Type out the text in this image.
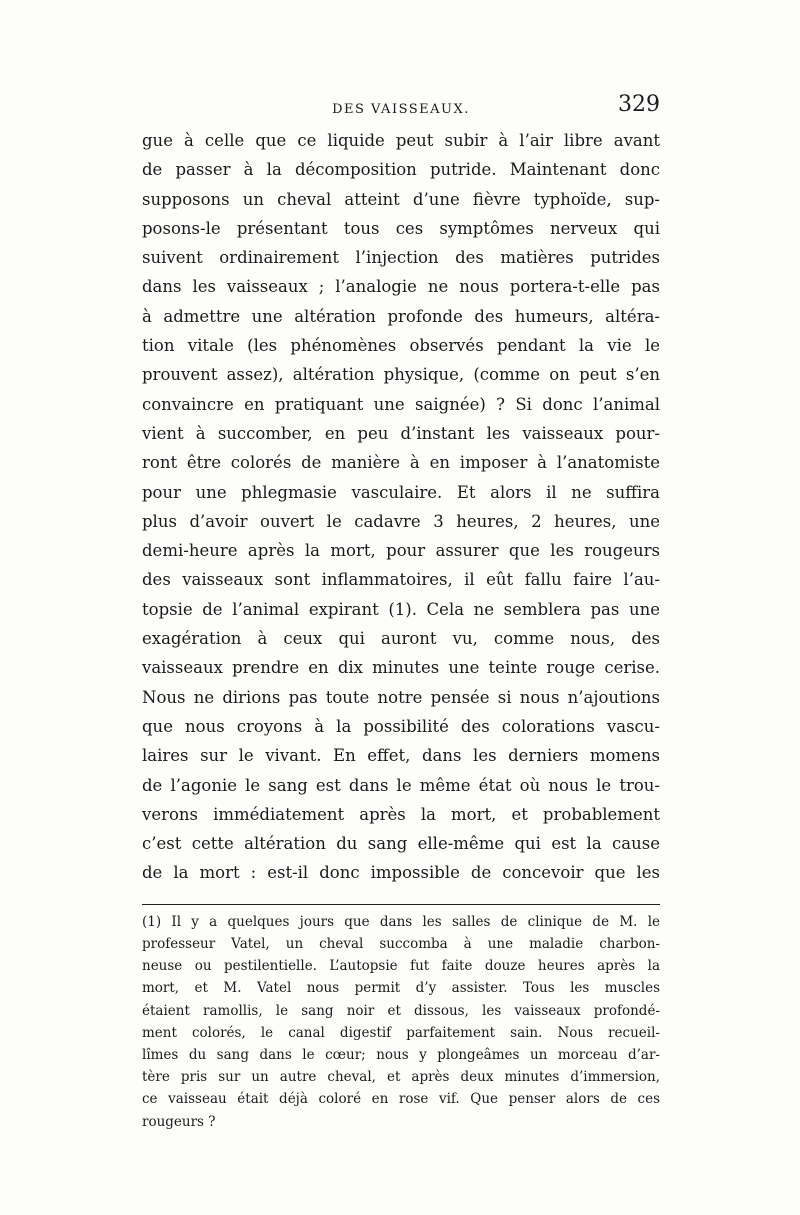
DES VAISSEAUX.	329
gue à celle que ce liquide peut subir à l’air libre avant
de passer à la décomposition putride. Maintenant donc
supposons un cheval atteint d’une fièvre typhoïde, sup-
posons-le présentant tous ces symptômes nerveux qui
suivent ordinairement l’injection des matières putrides
dans les vaisseaux ; l’analogie ne nous portera-t-elle pas
à admettre une altération profonde des humeurs, altéra-
tion vitale (les phénomènes observés pendant la vie le
prouvent assez), altération physique, (comme on peut s’en
convaincre en pratiquant une saignée) ? Si donc l’animal
vient à succomber, en peu d’instant les vaisseaux pour-
ront être colorés de manière à en imposer à l’anatomiste
pour une phlegmasie vasculaire. Et alors il ne suffira
plus d’avoir ouvert le cadavre 3 heures, 2 heures, une
demi-heure après la mort, pour assurer que les rougeurs
des vaisseaux sont inflammatoires, il eût fallu faire l’au-
topsie de l’animal expirant (1). Cela ne semblera pas une
exagération à ceux qui auront vu, comme nous, des
vaisseaux prendre en dix minutes une teinte rouge cerise.
Nous ne dirions pas toute notre pensée si nous n’ajoutions
que nous croyons à la possibilité des colorations vascu-
laires sur le vivant. En effet, dans les derniers momens
de l’agonie le sang est dans le même état où nous le trou-
verons immédiatement après la mort, et probablement
c’est cette altération du sang elle-même qui est la cause
de la mort : est-il donc impossible de concevoir que les
(1) Il y a quelques jours que dans les salles de clinique de M. le
professeur Vatel, un cheval succomba à une maladie charbon-
neuse ou pestilentielle. L’autopsie fut faite douze heures après la
mort, et M. Vatel nous permit d’y assister. Tous les muscles
étaient ramollis, le sang noir et dissous, les vaisseaux profondé-
ment colorés, le canal digestif parfaitement sain. Nous recueil-
lîmes du sang dans le cœur; nous y plongeâmes un morceau d’ar-
tère pris sur un autre cheval, et après deux minutes d’immersion,
ce vaisseau était déjà coloré en rose vif. Que penser alors de ces
rougeurs ?
